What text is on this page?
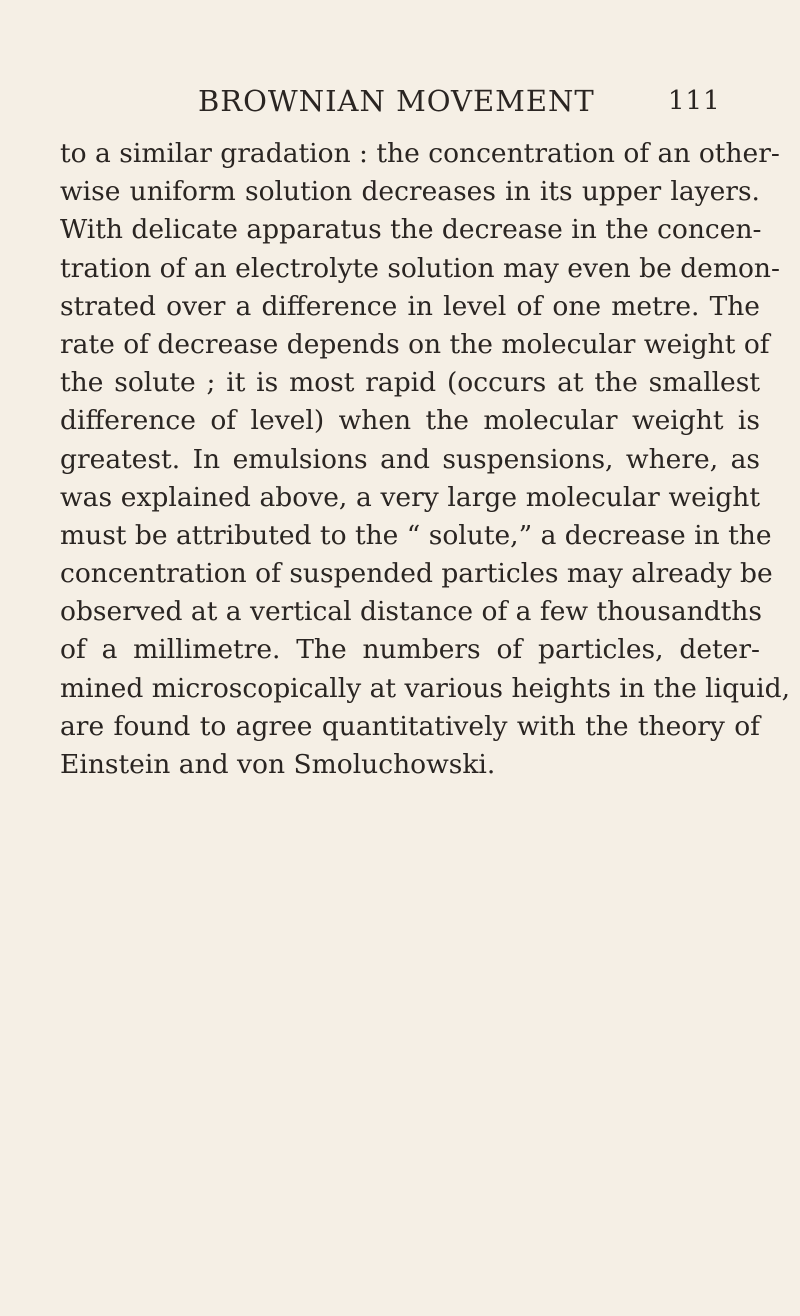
BROWNIAN MOVEMENT	111
to a similar gradation : the concentration of an other-
wise uniform solution decreases in its upper layers.
With delicate apparatus the decrease in the concen-
tration of an electrolyte solution may even be demon-
strated over a difference in level of one metre. The
rate of decrease depends on the molecular weight of
the solute ; it is most rapid (occurs at the smallest
difference of level) when the molecular weight is
greatest. In emulsions and suspensions, where, as
was explained above, a very large molecular weight
must be attributed to the “ solute,” a decrease in the
concentration of suspended particles may already be
observed at a vertical distance of a few thousandths
of a millimetre. The numbers of particles, deter-
mined microscopically at various heights in the liquid,
are found to agree quantitatively with the theory of
Einstein and von Smoluchowski.
